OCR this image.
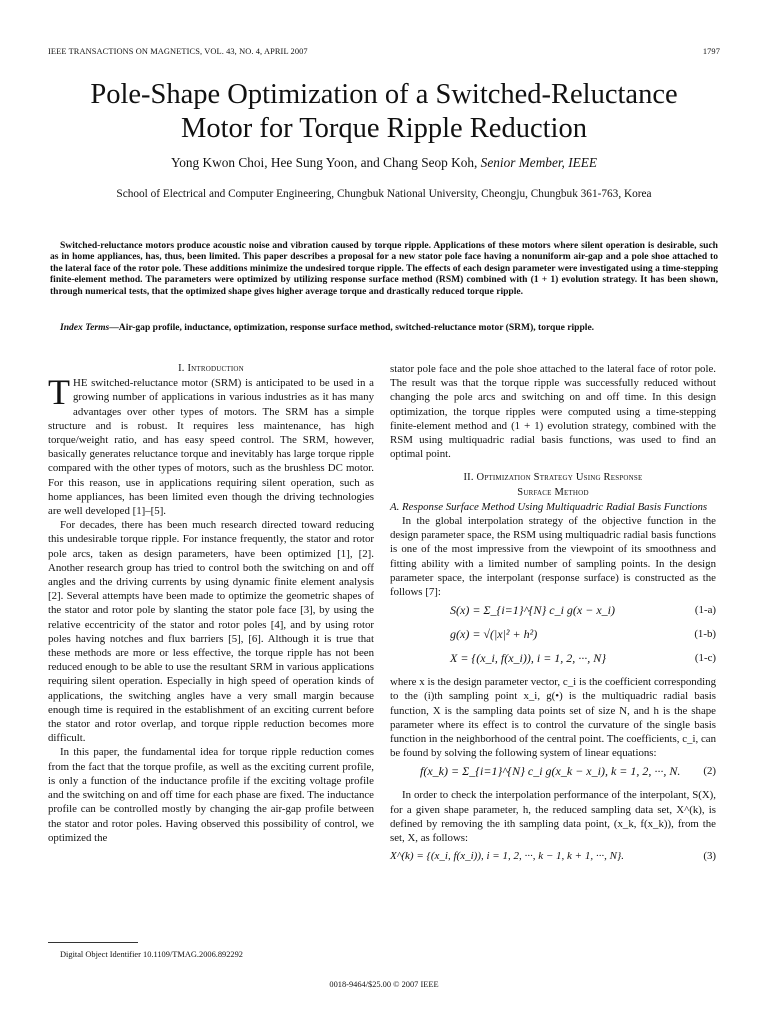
IEEE TRANSACTIONS ON MAGNETICS, VOL. 43, NO. 4, APRIL 2007	1797
Pole-Shape Optimization of a Switched-Reluctance
Motor for Torque Ripple Reduction
Yong Kwon Choi, Hee Sung Yoon, and Chang Seop Koh, Senior Member, IEEE
School of Electrical and Computer Engineering, Chungbuk National University, Cheongju, Chungbuk 361-763, Korea
Switched-reluctance motors produce acoustic noise and vibration caused by torque ripple. Applications of these motors where silent operation is desirable, such as in home appliances, has, thus, been limited. This paper describes a proposal for a new stator pole face having a nonuniform air-gap and a pole shoe attached to the lateral face of the rotor pole. These additions minimize the undesired torque ripple. The effects of each design parameter were investigated using a time-stepping finite-element method. The parameters were optimized by utilizing response surface method (RSM) combined with (1 + 1) evolution strategy. It has been shown, through numerical tests, that the optimized shape gives higher average torque and drastically reduced torque ripple.
Index Terms—Air-gap profile, inductance, optimization, response surface method, switched-reluctance motor (SRM), torque ripple.

I. Introduction

THE switched-reluctance motor (SRM) is anticipated to be used in a growing number of applications in various industries as it has many advantages over other types of motors. The SRM has a simple structure and is robust. It requires less maintenance, has high torque/weight ratio, and has easy speed control. The SRM, however, basically generates reluctance torque and inevitably has large torque ripple compared with the other types of motors, such as the brushless DC motor. For this reason, use in applications requiring silent operation, such as home appliances, has been limited even though the driving technologies are well developed [1]–[5].

For decades, there has been much research directed toward reducing this undesirable torque ripple. For instance frequently, the stator and rotor pole arcs, taken as design parameters, have been optimized [1], [2]. Another research group has tried to control both the switching on and off angles and the driving currents by using dynamic finite element analysis [2]. Several attempts have been made to optimize the geometric shapes of the stator and rotor pole by slanting the stator pole face [3], by using the relative eccentricity of the stator and rotor poles [4], and by using rotor poles having notches and flux barriers [5], [6]. Although it is true that these methods are more or less effective, the torque ripple has not been reduced enough to be able to use the resultant SRM in various applications requiring silent operation. Especially in high speed of operation kinds of applications, the switching angles have a very small margin because enough time is required in the establishment of an exciting current before the stator and rotor overlap, and torque ripple reduction becomes more difficult.

In this paper, the fundamental idea for torque ripple reduction comes from the fact that the torque profile, as well as the exciting current profile, is only a function of the inductance profile if the exciting voltage profile and the switching on and off time for each phase are fixed. The inductance profile can be controlled mostly by changing the air-gap profile between the stator and rotor poles. Having observed this possibility of control, we optimized the

stator pole face and the pole shoe attached to the lateral face of rotor pole. The result was that the torque ripple was successfully reduced without changing the pole arcs and switching on and off time. In this design optimization, the torque ripples were computed using a time-stepping finite-element method and (1 + 1) evolution strategy, combined with the RSM using multiquadric radial basis functions, was used to find an optimal point.

II. Optimization Strategy Using Response
Surface Method

A. Response Surface Method Using Multiquadric Radial Basis Functions

In the global interpolation strategy of the objective function in the design parameter space, the RSM using multiquadric radial basis functions is one of the most impressive from the viewpoint of its smoothness and fitting ability with a limited number of sampling points. In the design parameter space, the interpolant (response surface) is constructed as the follows [7]:

S(x) = Σ_{i=1}^{N} c_i g(x − x_i)	(1-a)
g(x) = √(|x|² + h²)	(1-b)
X = {(x_i, f(x_i)), i = 1, 2, ···, N}	(1-c)

where x is the design parameter vector, c_i is the coefficient corresponding to the (i)th sampling point x_i, g(•) is the multiquadric radial basis function, X is the sampling data points set of size N, and h is the shape parameter where its effect is to control the curvature of the single basis function in the neighborhood of the central point. The coefficients, c_i, can be found by solving the following system of linear equations:

f(x_k) = Σ_{i=1}^{N} c_i g(x_k − x_i), k = 1, 2, ···, N. (2)

In order to check the interpolation performance of the interpolant, S(X), for a given shape parameter, h, the reduced sampling data set, X^(k), is defined by removing the ith sampling data point, (x_k, f(x_k)), from the set, X, as follows:

X^(k) = {(x_i, f(x_i)), i = 1, 2, ···, k − 1, k + 1, ···, N}.	(3)
Digital Object Identifier 10.1109/TMAG.2006.892292
0018-9464/$25.00 © 2007 IEEE
